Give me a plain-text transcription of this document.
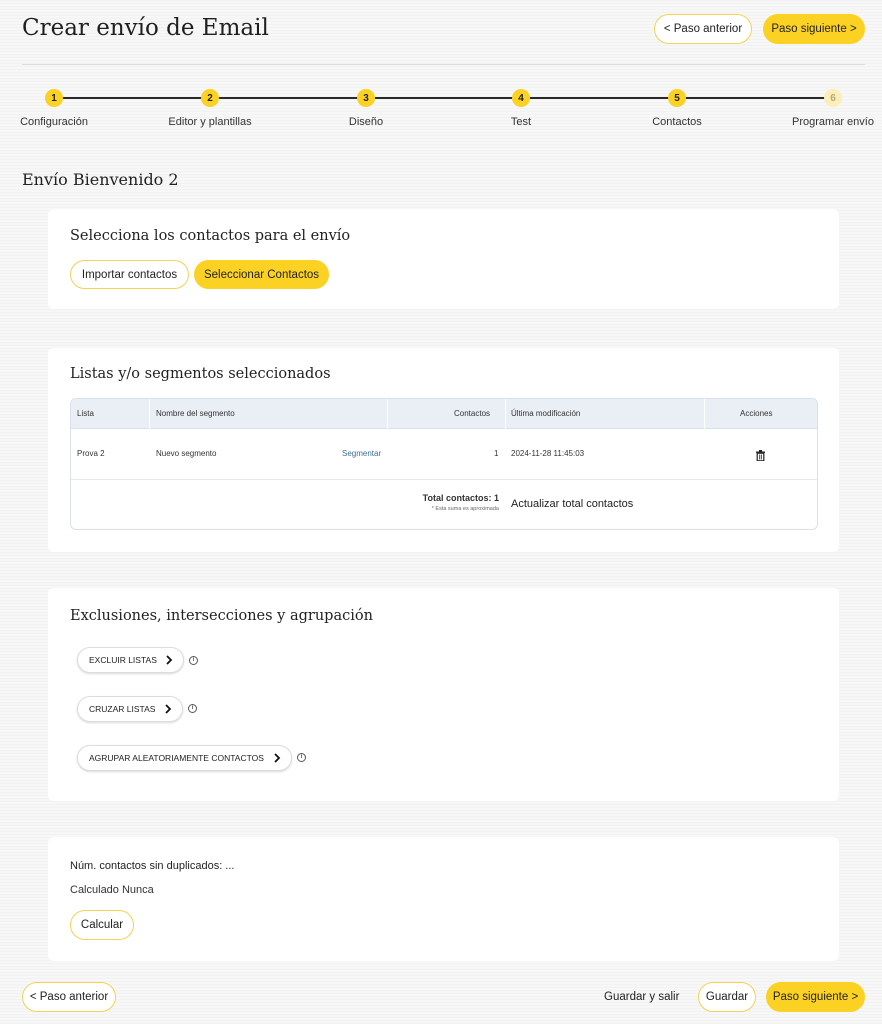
Crear envío de Email	< Paso anterior	Paso siguiente >
1
Configuración
2
Editor y plantillas
3
Diseño
4
Test
5
Contactos
6
Programar envío
Envío Bienvenido 2
Selecciona los contactos para el envío
Importar contactos	Seleccionar Contactos
Listas y/o segmentos seleccionados
Lista	Nombre del segmento	Contactos	Última modificación	Acciones
Prova 2	Nuevo segmento	Segmentar	1 2024-11-28 11:45:03
Total contactos: 1
* Esta suma es aproximada Actualizar total contactos
Exclusiones, intersecciones y agrupación
EXCLUIR LISTAS	i
CRUZAR LISTAS	i
AGRUPAR ALEATORIAMENTE CONTACTOS	i
Núm. contactos sin duplicados: ...
Calculado Nunca
Calcular
< Paso anterior	Guardar y salir	Guardar	Paso siguiente >
